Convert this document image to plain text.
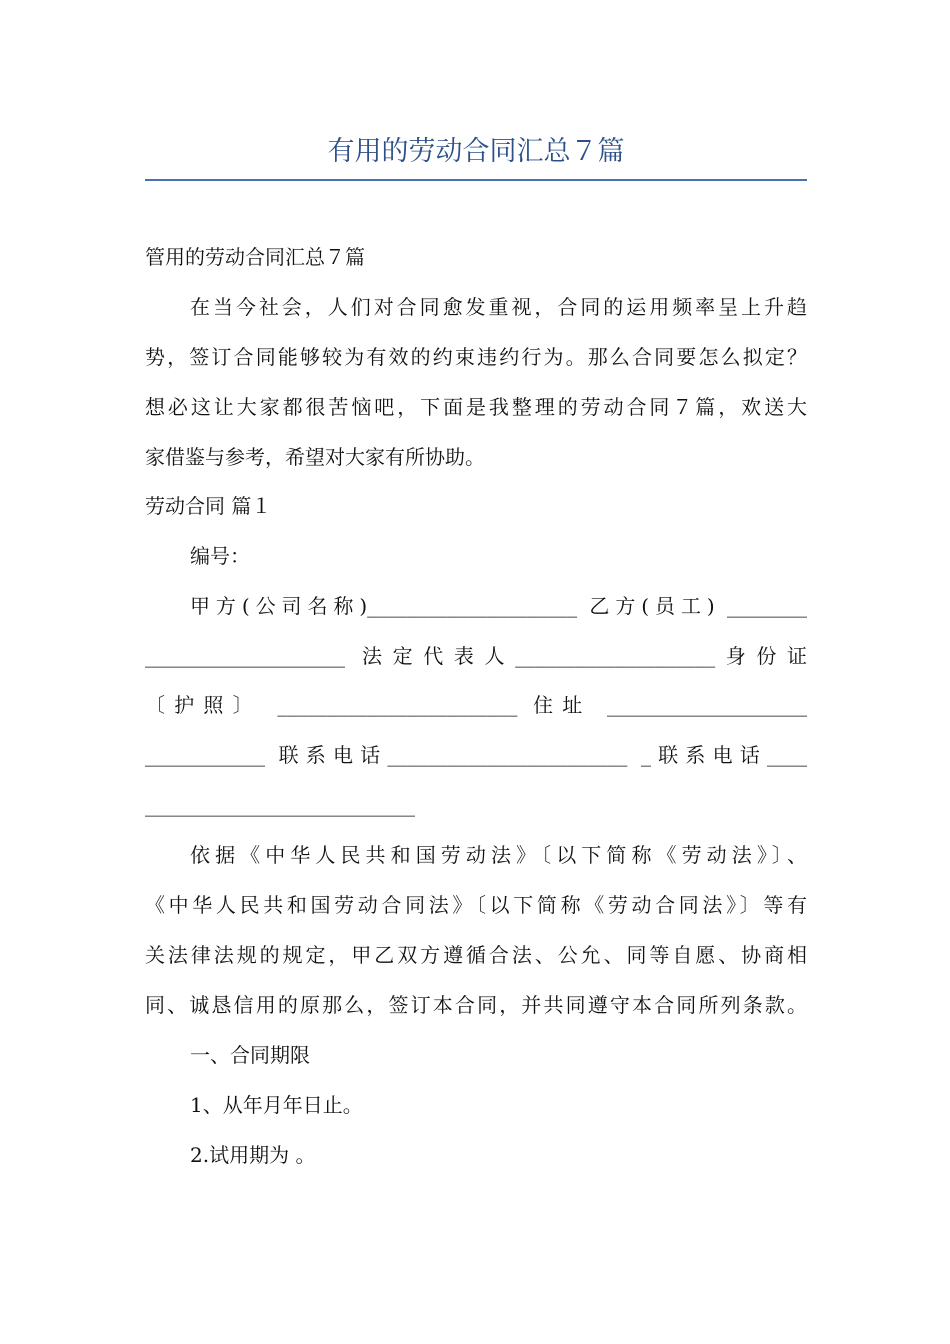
有用的劳动合同汇总７篇
管用的劳动合同汇总７篇
在当今社会，人们对合同愈发重视，合同的运用频率呈上升趋
势，签订合同能够较为有效的约束违约行为。那么合同要怎么拟定？
想必这让大家都很苦恼吧，下面是我整理的劳动合同７篇，欢送大
家借鉴与参考，希望对大家有所协助。
劳动合同 篇１
编号：
甲方(公司名称)_____________________ 乙方(员工) ________
____________________ 法定代表人____________________身份证
〔护照〕 ________________________ 住址 ____________________
____________ 联系电话________________________ _联系电话____
___________________________
依据《中华人民共和国劳动法》〔以下简称《劳动法》〕、
《中华人民共和国劳动合同法》〔以下简称《劳动合同法》〕等有
关法律法规的规定，甲乙双方遵循合法、公允、同等自愿、协商相
同、诚恳信用的原那么，签订本合同，并共同遵守本合同所列条款。
一、合同期限
1、从年月年日止。
2.试用期为 。
